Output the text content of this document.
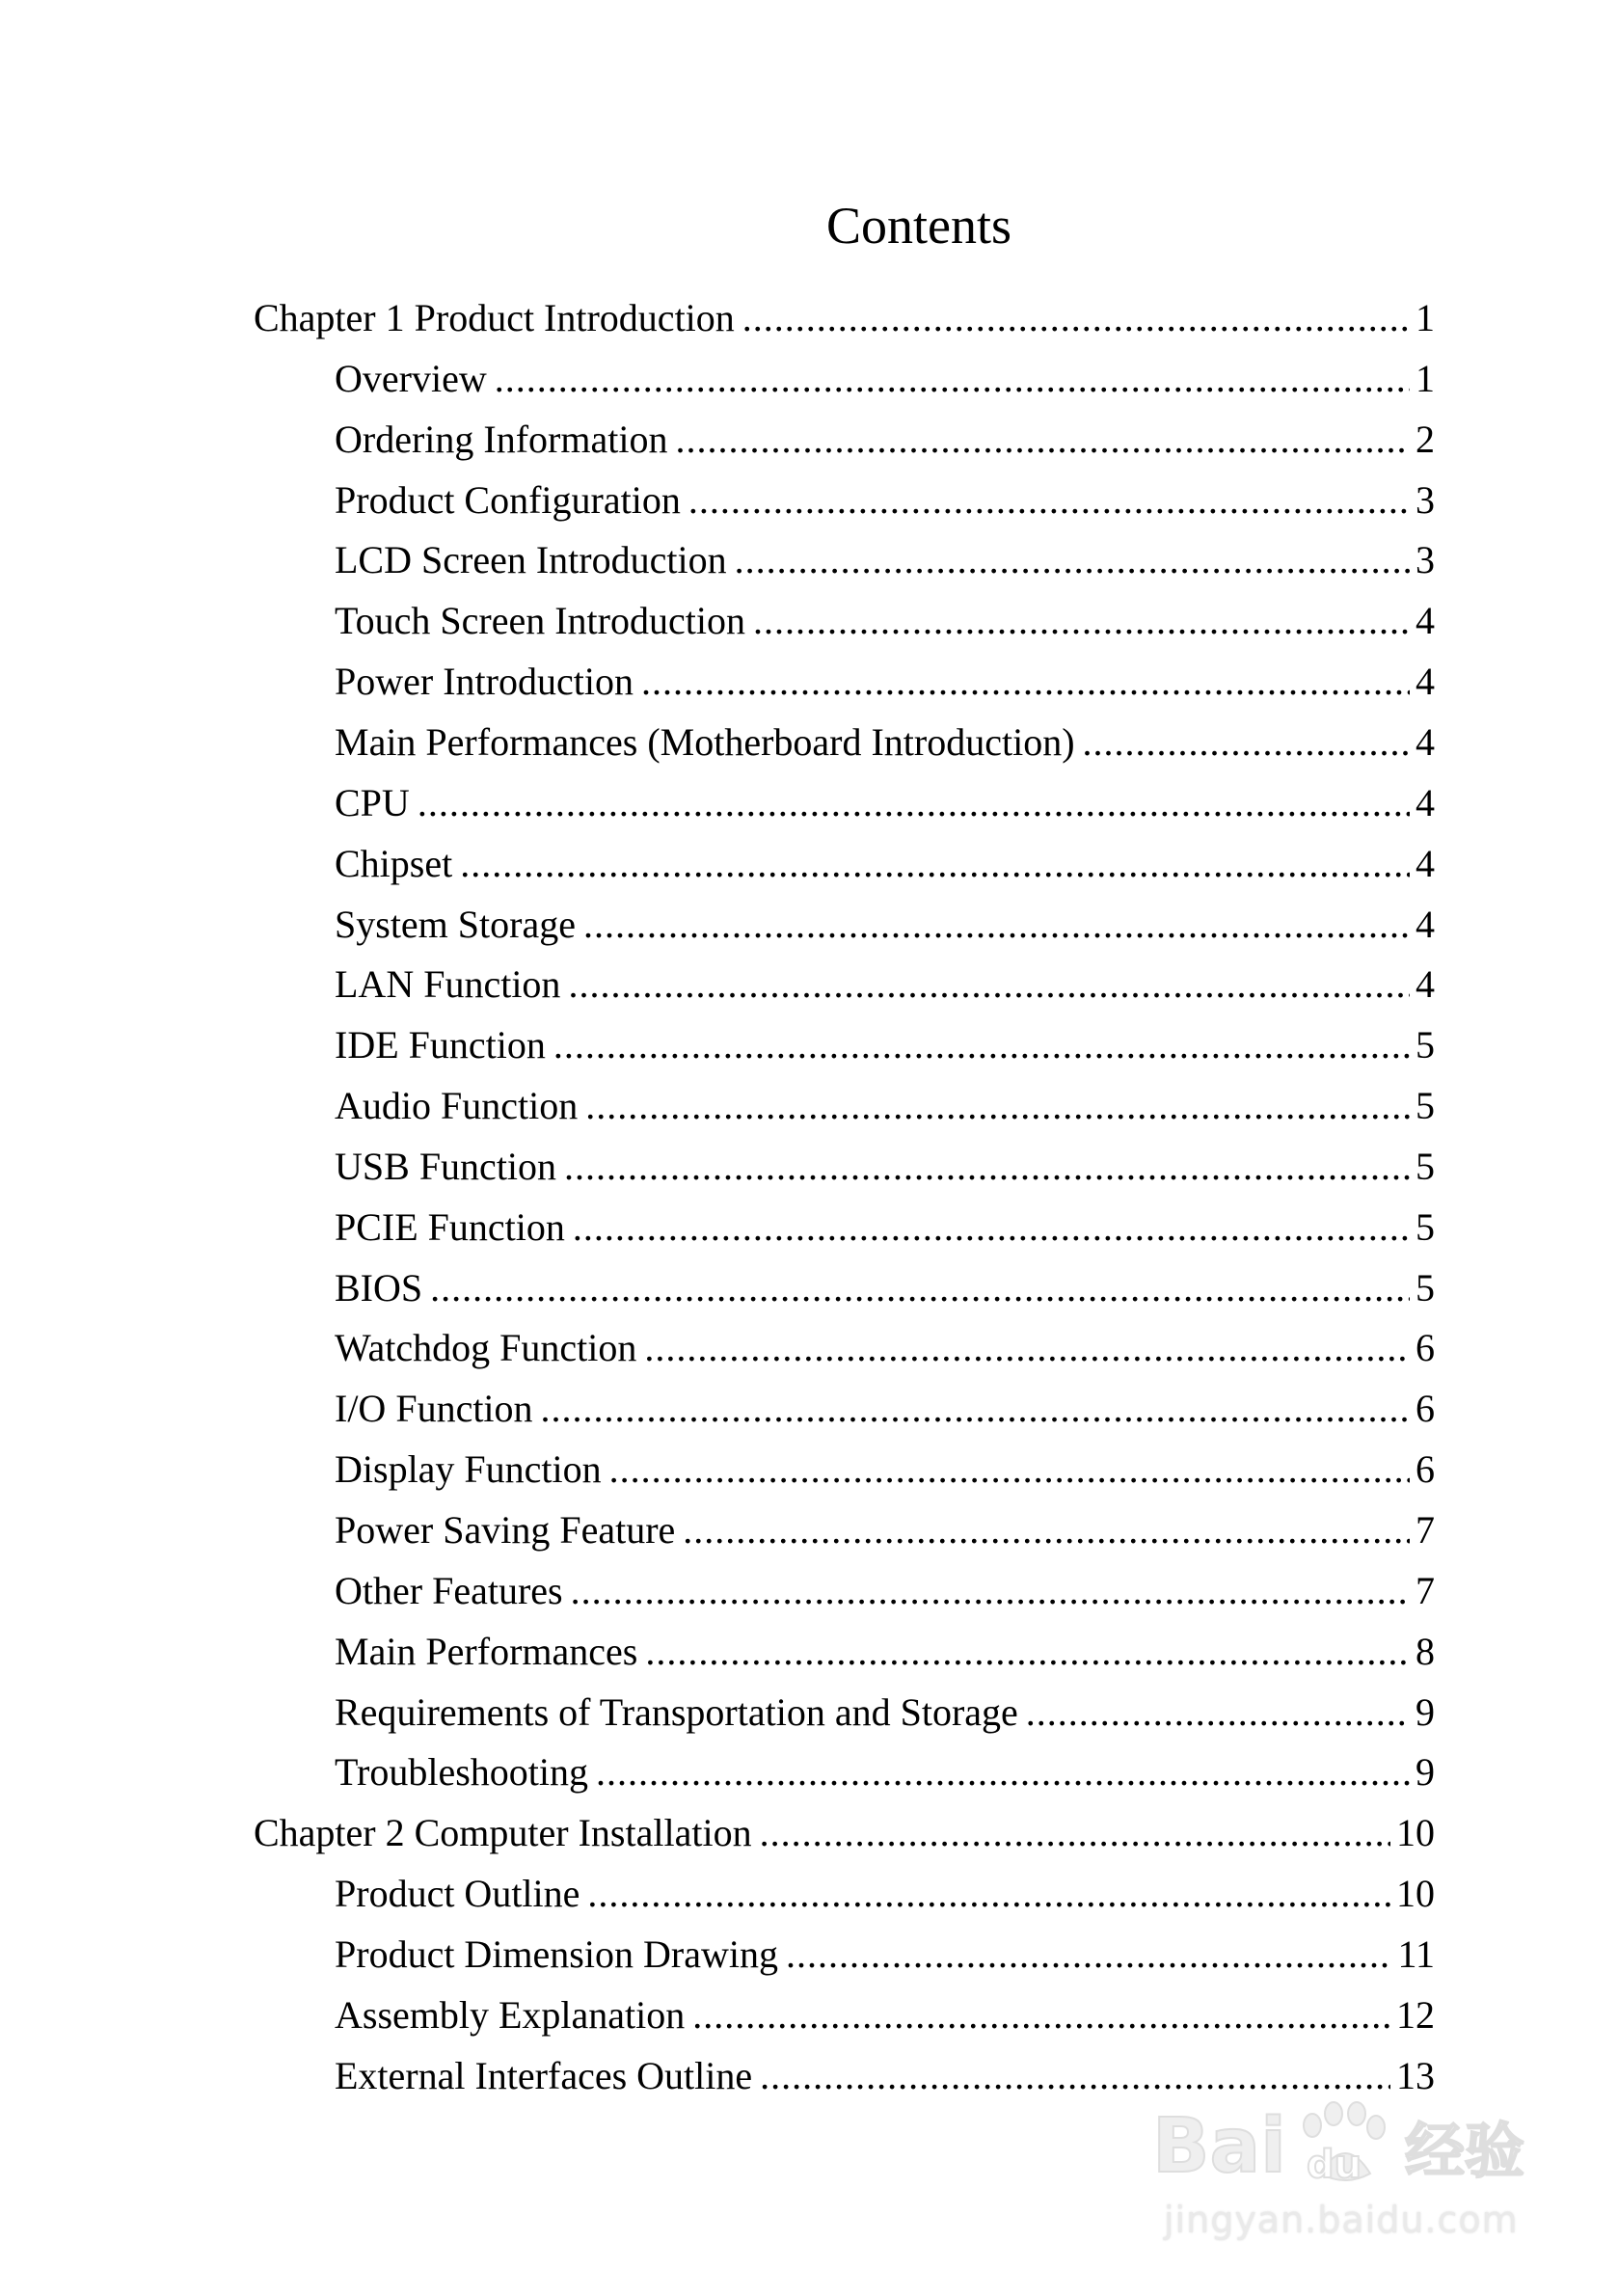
Contents
Chapter 1 Product Introduction .....	1
Overview .....	1
Ordering Information .....	2
Product Configuration .....	3
LCD Screen Introduction .....	3
Touch Screen Introduction .....	4
Power Introduction .....	4
Main Performances (Motherboard Introduction) .....	4
CPU .....	4
Chipset .....	4
System Storage .....	4
LAN Function .....	4
IDE Function .....	5
Audio Function .....	5
USB Function .....	5
PCIE Function .....	5
BIOS .....	5
Watchdog Function .....	6
I/O Function .....	6
Display Function .....	6
Power Saving Feature .....	7
Other Features .....	7
Main Performances .....	8
Requirements of Transportation and Storage .....	9
Troubleshooting .....	9
Chapter 2 Computer Installation .....	10
Product Outline .....	10
Product Dimension Drawing .....	11
Assembly Explanation .....	12
External Interfaces Outline .....	13
Bai du 经验
jingyan.baidu.com
